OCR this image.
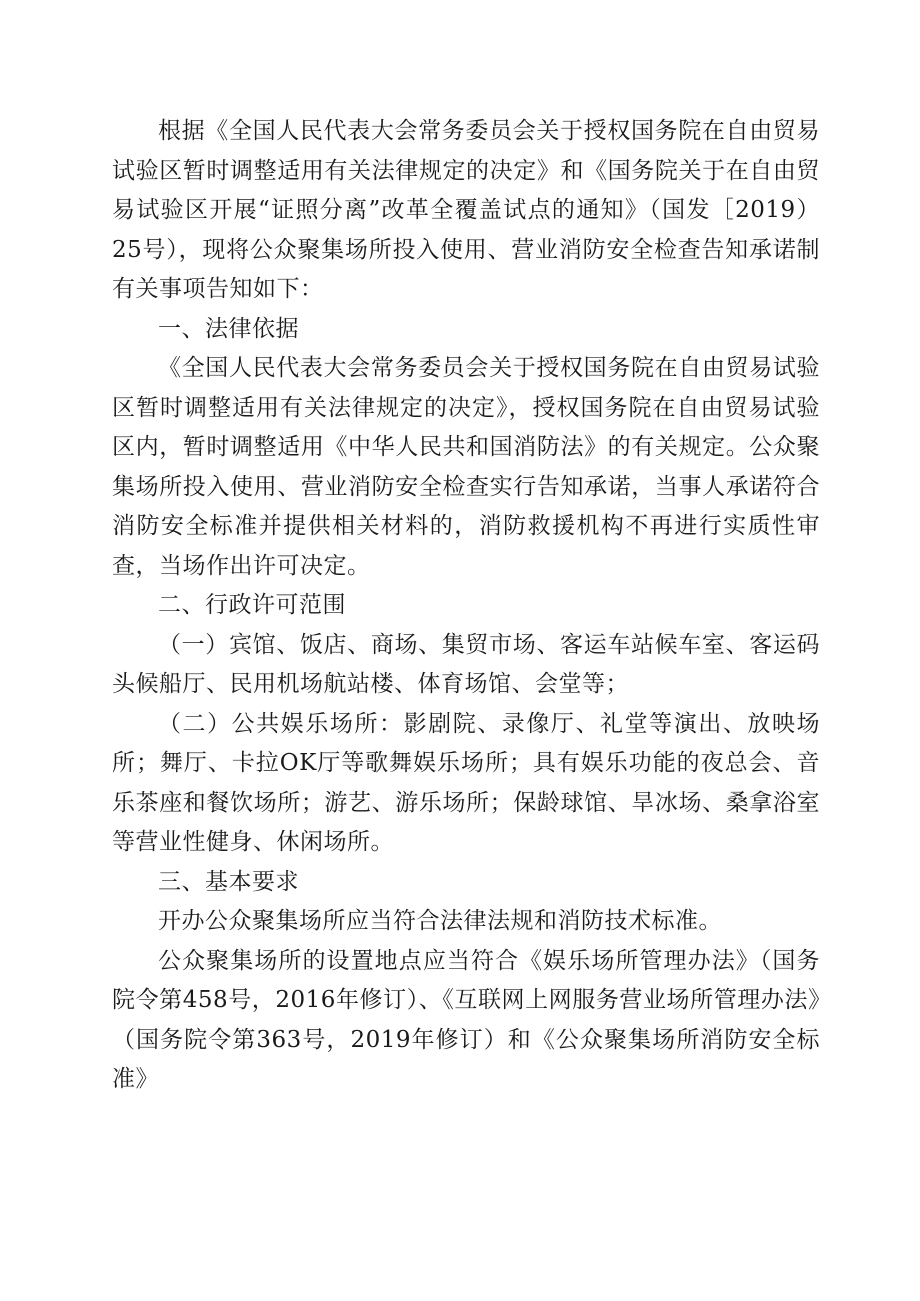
根据《全国人民代表大会常务委员会关于授权国务院在自由贸易试验区暂时调整适用有关法律规定的决定》和《国务院关于在自由贸易试验区开展“证照分离”改革全覆盖试点的通知》（国发［2019）25号），现将公众聚集场所投入使用、营业消防安全检查告知承诺制有关事项告知如下：

一、法律依据

《全国人民代表大会常务委员会关于授权国务院在自由贸易试验区暂时调整适用有关法律规定的决定》，授权国务院在自由贸易试验区内，暂时调整适用《中华人民共和国消防法》的有关规定。公众聚集场所投入使用、营业消防安全检查实行告知承诺，当事人承诺符合消防安全标准并提供相关材料的，消防救援机构不再进行实质性审查，当场作出许可决定。

二、行政许可范围

（一）宾馆、饭店、商场、集贸市场、客运车站候车室、客运码头候船厅、民用机场航站楼、体育场馆、会堂等；

（二）公共娱乐场所：影剧院、录像厅、礼堂等演出、放映场所；舞厅、卡拉OK厅等歌舞娱乐场所；具有娱乐功能的夜总会、音乐茶座和餐饮场所；游艺、游乐场所；保龄球馆、旱冰场、桑拿浴室等营业性健身、休闲场所。

三、基本要求

开办公众聚集场所应当符合法律法规和消防技术标准。

公众聚集场所的设置地点应当符合《娱乐场所管理办法》（国务院令第458号，2016年修订）、《互联网上网服务营业场所管理办法》（国务院令第363号，2019年修订）和《公众聚集场所消防安全标准》
